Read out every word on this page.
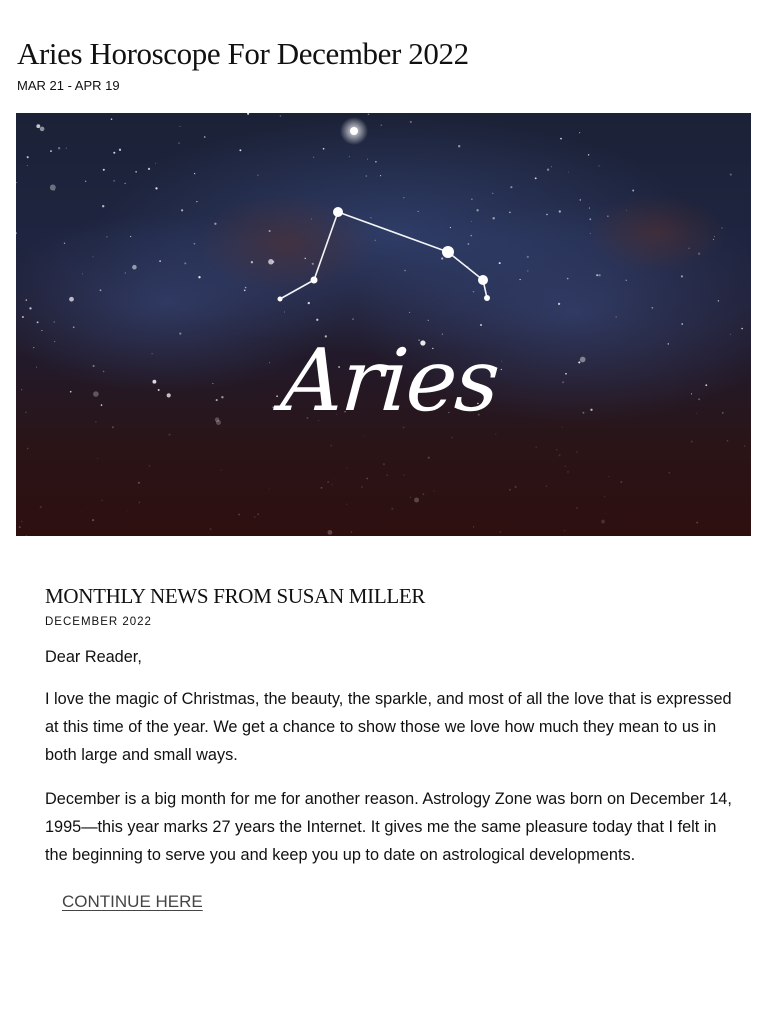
Aries Horoscope For December 2022
MAR 21 - APR 19
Aries
MONTHLY NEWS FROM SUSAN MILLER
DECEMBER 2022

Dear Reader,

I love the magic of Christmas, the beauty, the sparkle, and most of all the love that is expressed at this time of the year. We get a chance to show those we love how much they mean to us in both large and small ways.

December is a big month for me for another reason. Astrology Zone was born on December 14, 1995—this year marks 27 years the Internet. It gives me the same pleasure today that I felt in the beginning to serve you and keep you up to date on astrological developments.

CONTINUE HERE
